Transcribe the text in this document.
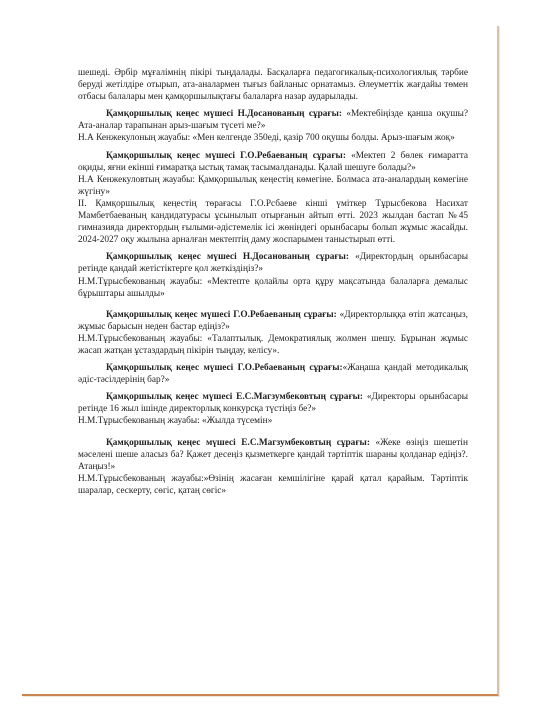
шешеді. Әрбір мұғалімнің пікірі тыңдалады. Басқаларға педагогикалық-психологиялық тәрбие беруді жетілдіре отырып, ата-аналармен тығыз байланыс орнатамыз. Әлеуметтік жағдайы төмен отбасы балалары мен қамқоршылықтағы балаларға назар аударылады.

Қамқоршылық кеңес мүшесі Н.Досанованың сұрағы: «Мектебіңізде қанша оқушы? Ата-аналар тарапынан арыз-шағым түсеті ме?»

Н.А Кенжекулоның жауабы: «Мен келгенде 350еді, қазір 700 оқушы болды. Арыз-шағым жоқ»

Қамқоршылық кеңес мүшесі Г.О.Ребаеваның сұрағы: «Мектеп 2 бөлек ғимаратта оқиды, яғни екінші ғимаратқа ыстық тамақ тасымалданады. Қалай шешуге болады?»

Н.А Кенжекуловтың жауабы: Қамқоршылық кеңестің көмегіне. Болмаса ата-аналардың көмегіне жүгіну»

II. Қамқоршылық кеңестің төрағасы Г.О.Рсбаеве кінші үміткер Тұрысбекова Насихат Мамбетбаеваның кандидатурасы ұсынылып отырғанын айтып өтті. 2023 жылдан бастап №45 гимназияда директордың ғылыми-әдістемелік ісі жөніндегі орынбасары болып жұмыс жасайды. 2024-2027 оқу жылына арналған мектептің даму жоспарымен таныстырып өтті.

Қамқоршылық кеңес мүшесі Н.Досанованың сұрағы: «Директордың орынбасары ретінде қандай жетістіктерге қол жеткіздіңіз?»

Н.М.Тұрысбекованың жауабы: «Мектепте қолайлы орта құру мақсатында балаларға демалыс бұрыштары ашылды»

Қамқоршылық кеңес мүшесі Г.О.Ребаеваның сұрағы: «Директорлыққа өтіп жатсаңыз, жұмыс барысын неден бастар едіңіз?»

Н.М.Тұрысбекованың жауабы: «Талаптылық. Демократиялық жолмен шешу. Бұрынан жұмыс жасап жатқан ұстаздардың пікірін тыңдау, келісу».

Қамқоршылық кеңес мүшесі Г.О.Ребаеваның сұрағы:«Жаңаша қандай методикалық әдіс-тәсілдерінің бар?»

Қамқоршылық кеңес мүшесі Е.С.Магзумбековтың сұрағы: «Директоры орынбасары ретінде 16 жыл ішінде директорлық конкурсқа түстіңіз бе?»

Н.М.Тұрысбекованың жауабы: «Жылда түсемін»

Қамқоршылық кеңес мүшесі Е.С.Магзумбековтың сұрағы: «Жеке өзіңіз шешетін мәселені шеше аласыз ба? Қажет десеңіз қызметкерге қандай тәртіптік шараны қолданар едіңіз?. Атаңыз!»

Н.М.Тұрысбекованың жауабы:»Өзінің жасаған кемшілігіне қарай қатал қарайым. Тәртіптік шаралар, сескерту, сөгіс, қатаң сөгіс»
